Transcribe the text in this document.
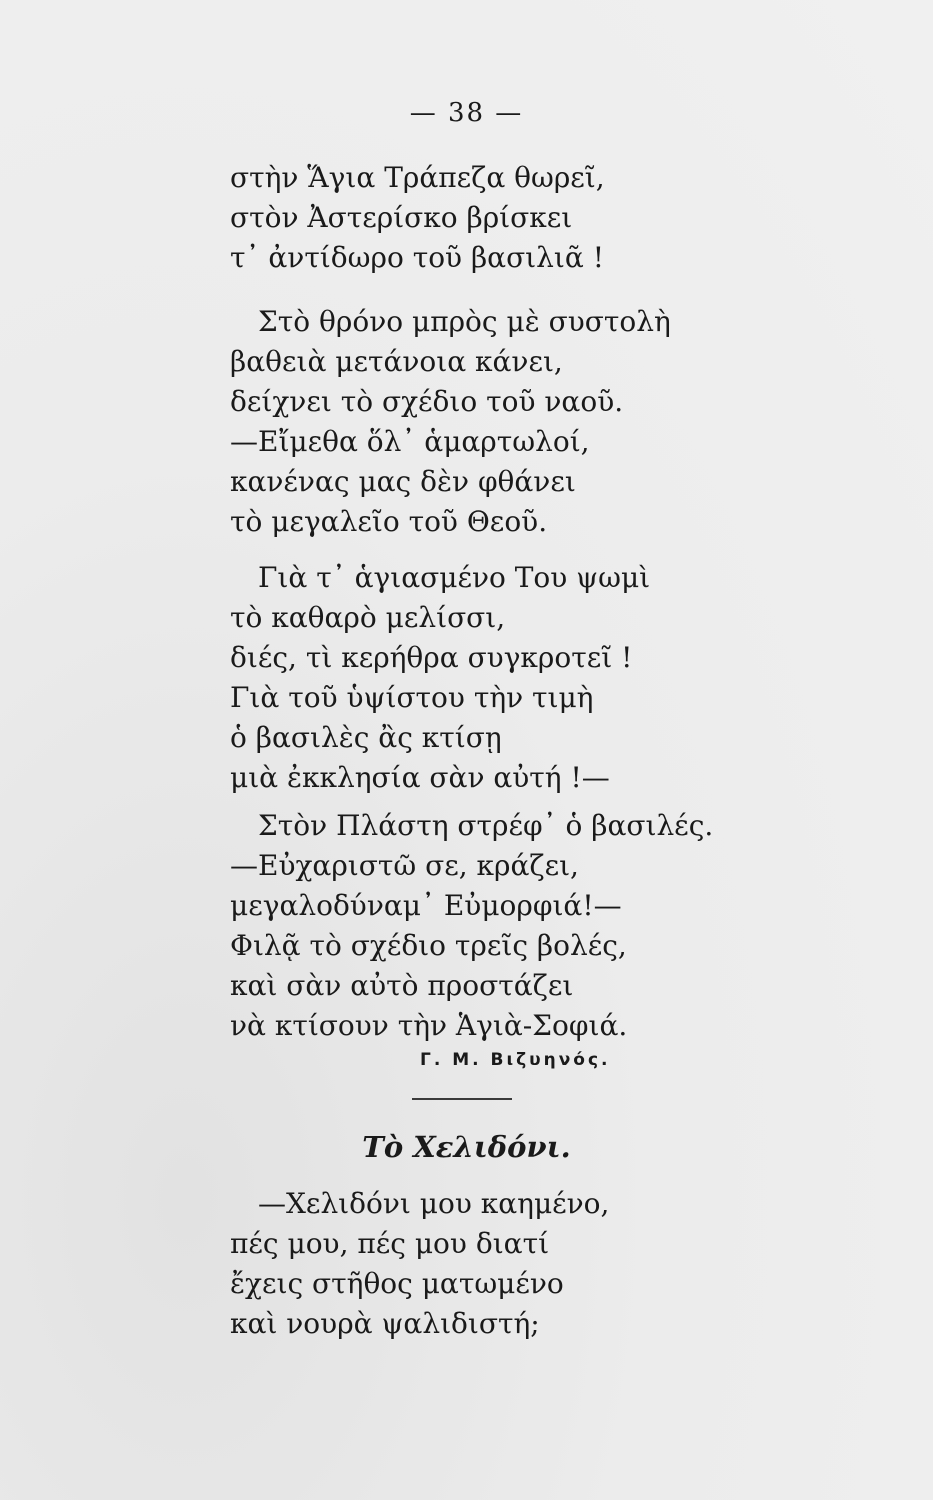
— 38 —
στὴν Ἅγια Τράπεζα θωρεῖ,
στὸν Ἀστερίσκο βρίσκει
τ᾽ ἀντίδωρο τοῦ βασιλιᾶ !
Στὸ θρόνο μπρὸς μὲ συστολὴ
βαθειὰ μετάνοια κάνει,
δείχνει τὸ σχέδιο τοῦ ναοῦ.
—Εἴμεθα ὅλ᾽ ἁμαρτωλοί,
κανένας μας δὲν φθάνει
τὸ μεγαλεῖο τοῦ Θεοῦ.
Γιὰ τ᾽ ἁγιασμένο Του ψωμὶ
τὸ καθαρὸ μελίσσι,
διές, τὶ κερήθρα συγκροτεῖ !
Γιὰ τοῦ ὑψίστου τὴν τιμὴ
ὁ βασιλὲς ἂς κτίσῃ
μιὰ ἐκκλησία σὰν αὐτή !—
Στὸν Πλάστη στρέφ᾽ ὁ βασιλές.
—Εὐχαριστῶ σε, κράζει,
μεγαλοδύναμ᾽ Εὐμορφιά!—
Φιλᾷ τὸ σχέδιο τρεῖς βολές,
καὶ σὰν αὐτὸ προστάζει
νὰ κτίσουν τὴν Ἁγιὰ-Σοφιά.
Γ. Μ. Βιζυηνός.
Τὸ Χελιδόνι.
—Χελιδόνι μου καημένο,
πές μου, πές μου διατί
ἔχεις στῆθος ματωμένο
καὶ νουρὰ ψαλιδιστή;
